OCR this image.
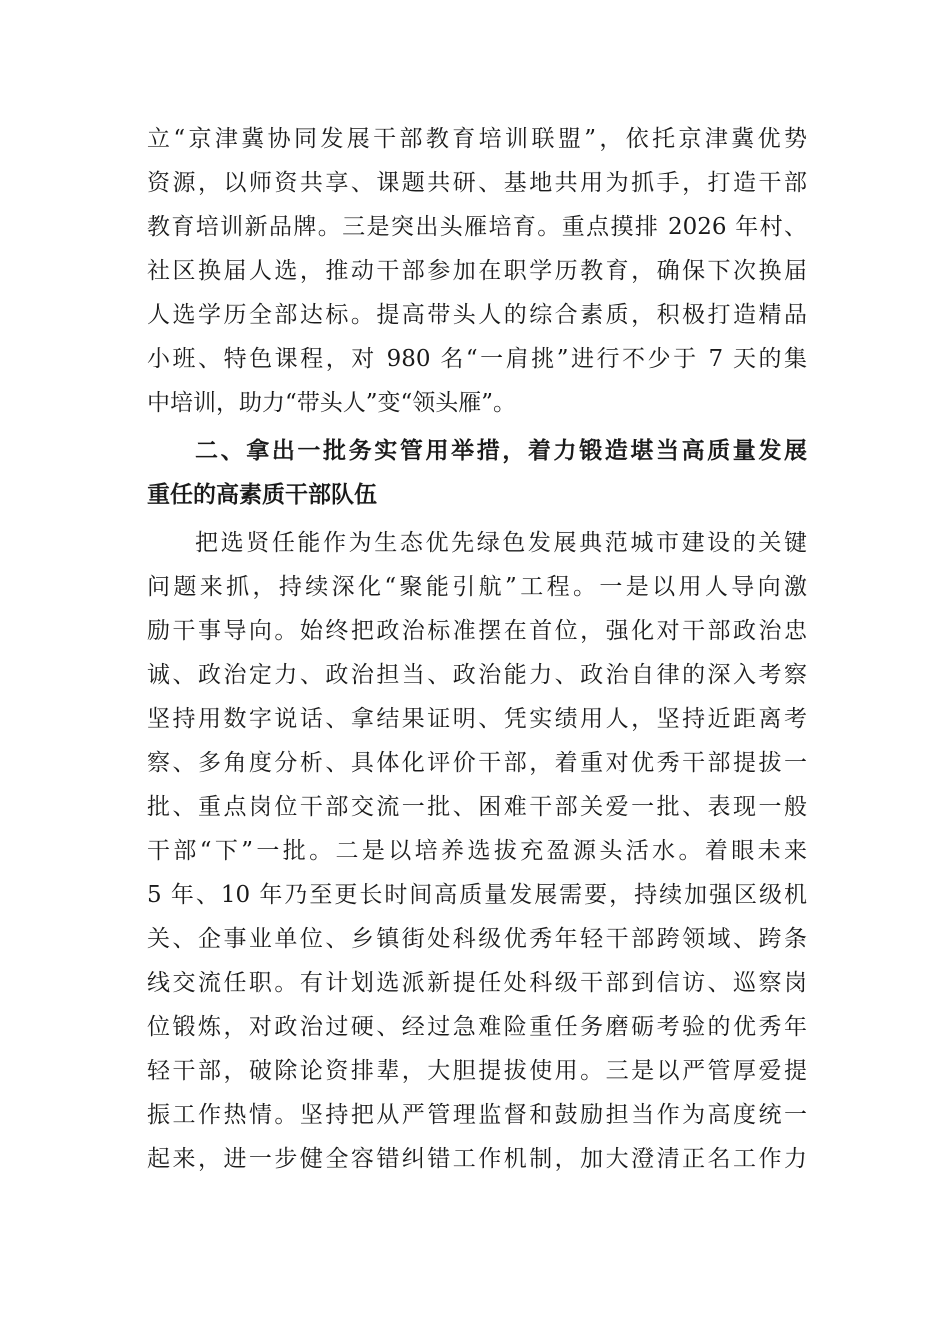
立“京津冀协同发展干部教育培训联盟”，依托京津冀优势
资源，以师资共享、课题共研、基地共用为抓手，打造干部
教育培训新品牌。三是突出头雁培育。重点摸排 2026 年村、
社区换届人选，推动干部参加在职学历教育，确保下次换届
人选学历全部达标。提高带头人的综合素质，积极打造精品
小班、特色课程，对 980 名“一肩挑”进行不少于 7 天的集
中培训，助力“带头人”变“领头雁”。
二、拿出一批务实管用举措，着力锻造堪当高质量发展
重任的高素质干部队伍
把选贤任能作为生态优先绿色发展典范城市建设的关键
问题来抓，持续深化“聚能引航”工程。一是以用人导向激
励干事导向。始终把政治标准摆在首位，强化对干部政治忠
诚、政治定力、政治担当、政治能力、政治自律的深入考察
坚持用数字说话、拿结果证明、凭实绩用人，坚持近距离考
察、多角度分析、具体化评价干部，着重对优秀干部提拔一
批、重点岗位干部交流一批、困难干部关爱一批、表现一般
干部“下”一批。二是以培养选拔充盈源头活水。着眼未来
5 年、10 年乃至更长时间高质量发展需要，持续加强区级机
关、企事业单位、乡镇街处科级优秀年轻干部跨领域、跨条
线交流任职。有计划选派新提任处科级干部到信访、巡察岗
位锻炼，对政治过硬、经过急难险重任务磨砺考验的优秀年
轻干部，破除论资排辈，大胆提拔使用。三是以严管厚爱提
振工作热情。坚持把从严管理监督和鼓励担当作为高度统一
起来，进一步健全容错纠错工作机制，加大澄清正名工作力
